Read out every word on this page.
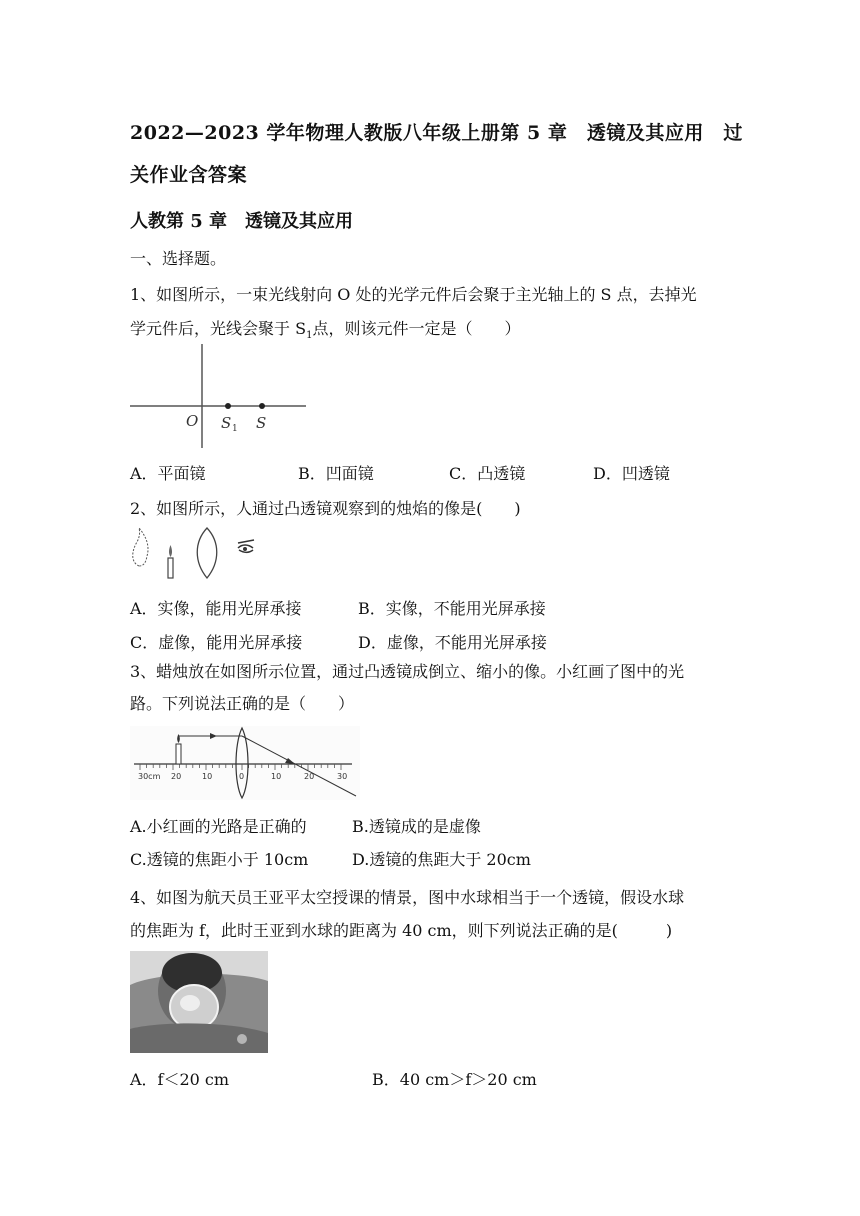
2022—2023 学年物理人教版八年级上册第 5 章　透镜及其应用　过
关作业含答案
人教第 5 章　透镜及其应用
一、选择题。
1、如图所示，一束光线射向 O 处的光学元件后会聚于主光轴上的 S 点，去掉光
学元件后，光线会聚于 $S_1$点，则该元件一定是（　　）
O S 1 S
A．平面镜	B．凹面镜	C．凸透镜	D．凹透镜
2、如图所示，人通过凸透镜观察到的烛焰的像是(　　)
A．实像，能用光屏承接	B．实像，不能用光屏承接
C．虚像，能用光屏承接	D．虚像，不能用光屏承接
3、蜡烛放在如图所示位置，通过凸透镜成倒立、缩小的像。小红画了图中的光
路。下列说法正确的是（　　）
30cm 20	10	0	10	20	30
A.小红画的光路是正确的	B.透镜成的是虚像
C.透镜的焦距小于 10cm	D.透镜的焦距大于 20cm
4、如图为航天员王亚平太空授课的情景，图中水球相当于一个透镜，假设水球
的焦距为 f，此时王亚到水球的距离为 40 cm，则下列说法正确的是(　　　)
A．f＜20 cm	B．40 cm＞f＞20 cm
